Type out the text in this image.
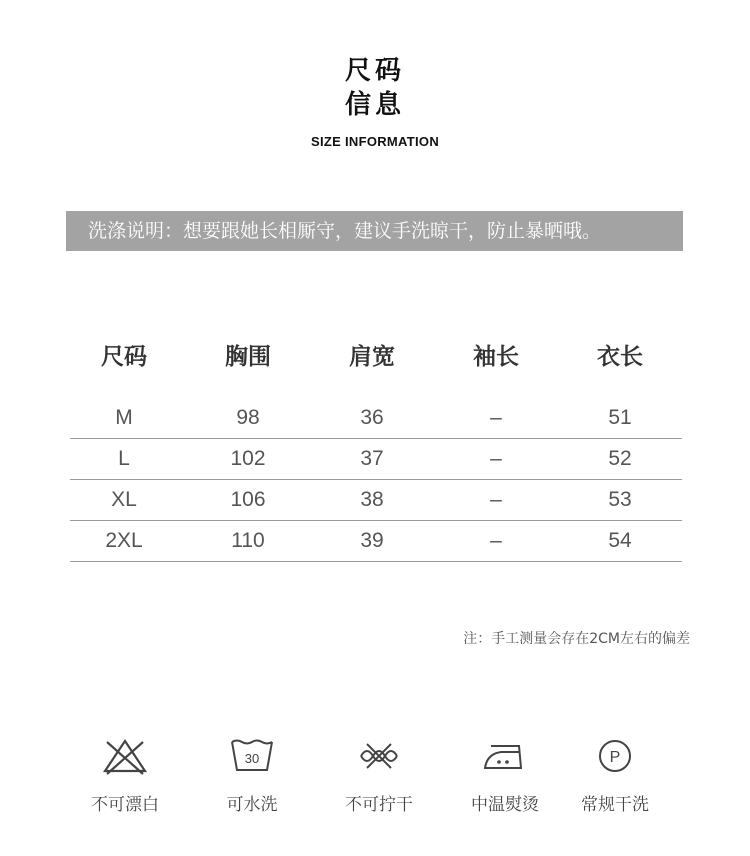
尺码
信息
SIZE INFORMATION
洗涤说明：想要跟她长相厮守，建议手洗晾干，防止暴晒哦。
尺码	胸围	肩宽	袖长	衣长
M	98	36	–	51
L	102	37	–	52
XL	106	38	–	53
2XL	110	39	–	54
注：手工测量会存在2CM左右的偏差
不可漂白
30
可水洗	不可拧干	中温熨烫
P
常规干洗
